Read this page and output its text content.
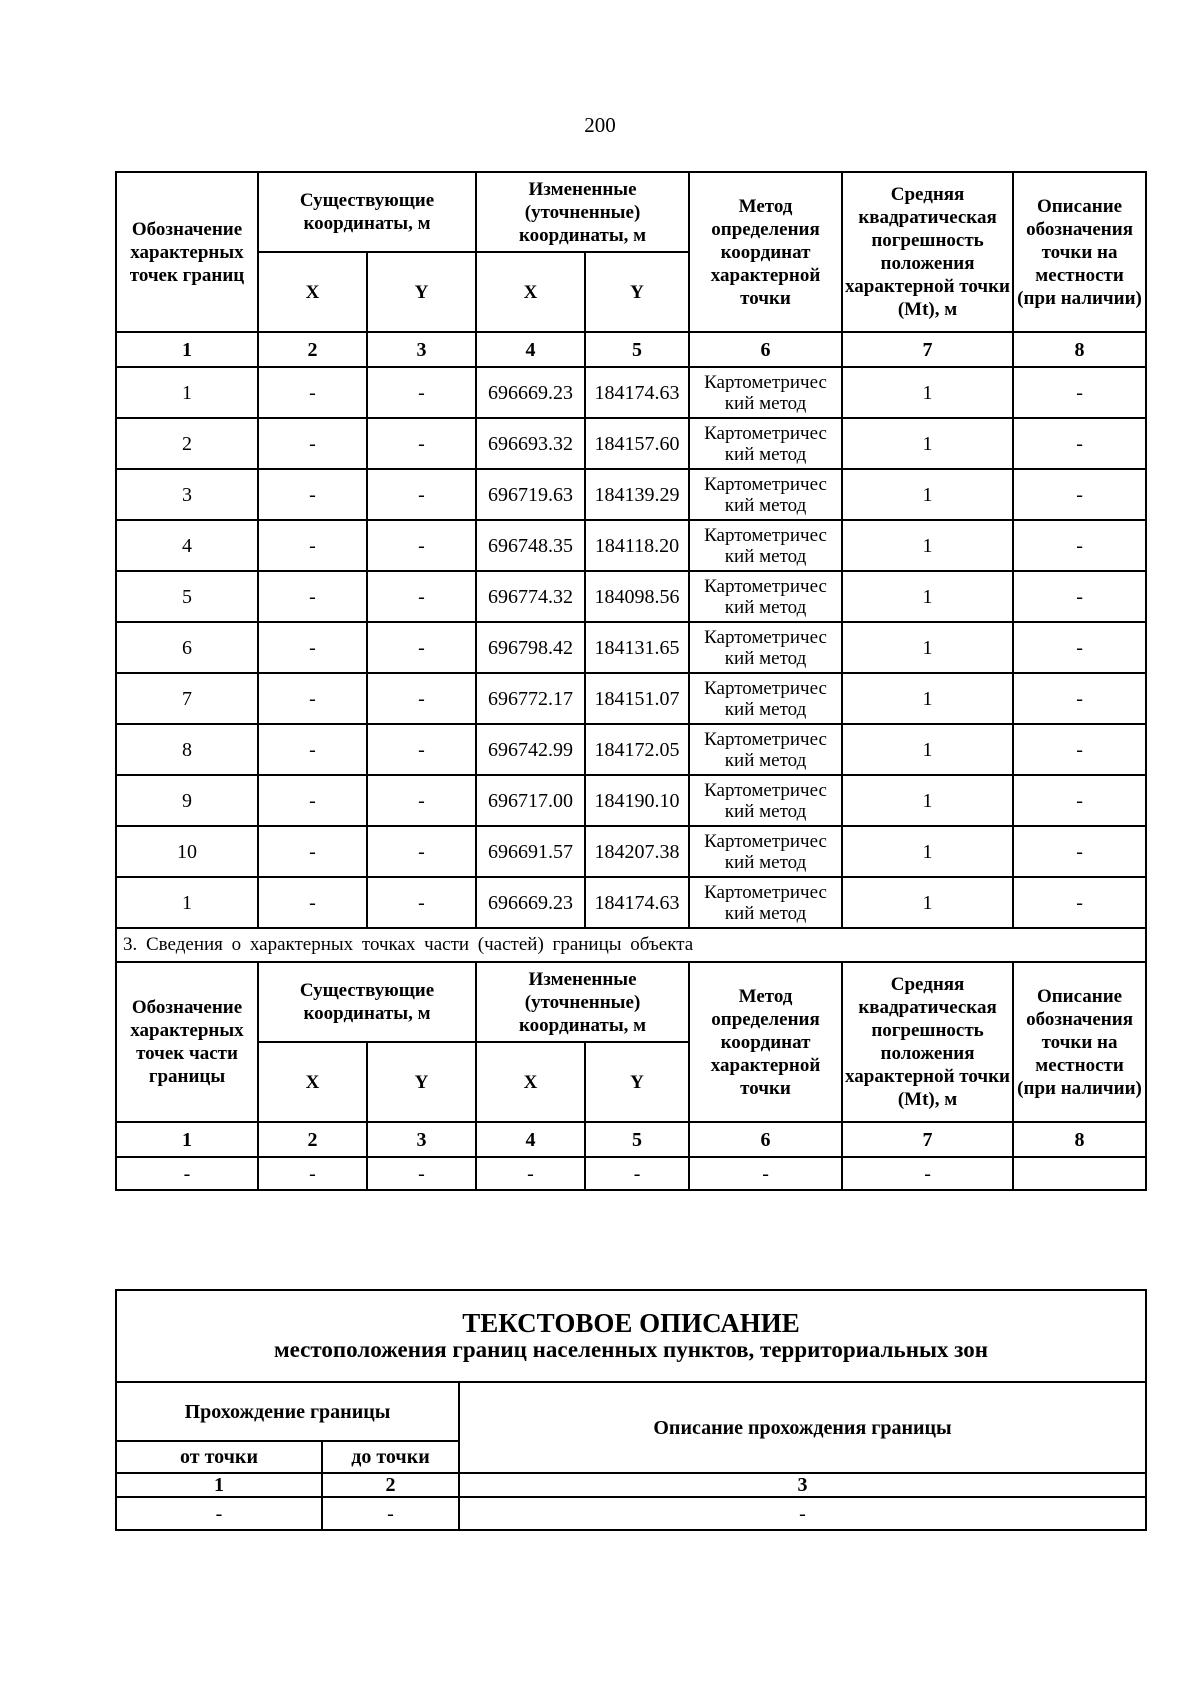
200
Обозначение характерных точек границ	Существующие координаты, м		Измененные (уточненные) координаты, м		Метод определения координат характерной точки	Средняя квадратическая погрешность положения характерной точки (Mt), м	Описание обозначения точки на местности (при наличии)
	X	Y	X	Y			
1	2	3	4	5	6	7	8
1	-	-	696669.23	184174.63	Картометричес кий метод	1	-
2	-	-	696693.32	184157.60	Картометричес кий метод	1	-
3	-	-	696719.63	184139.29	Картометричес кий метод	1	-
4	-	-	696748.35	184118.20	Картометричес кий метод	1	-
5	-	-	696774.32	184098.56	Картометричес кий метод	1	-
6	-	-	696798.42	184131.65	Картометричес кий метод	1	-
7	-	-	696772.17	184151.07	Картометричес кий метод	1	-
8	-	-	696742.99	184172.05	Картометричес кий метод	1	-
9	-	-	696717.00	184190.10	Картометричес кий метод	1	-
10	-	-	696691.57	184207.38	Картометричес кий метод	1	-
1	-	-	696669.23	184174.63	Картометричес кий метод	1	-
3. Сведения о характерных точках части (частей) границы объекта							
Обозначение характерных точек части границы	Существующие координаты, м		Измененные (уточненные) координаты, м		Метод определения координат характерной точки	Средняя квадратическая погрешность положения характерной точки (Mt), м	Описание обозначения точки на местности (при наличии)
	X	Y	X	Y			
1	2	3	4	5	6	7	8
-	-	-	-	-	-	-	
ТЕКСТОВОЕ ОПИСАНИЕ
местоположения границ населенных пунктов, территориальных зон		

Прохождение границы		Описание прохождения границы
от точки	до точки	
1	2	3
-	-	-
